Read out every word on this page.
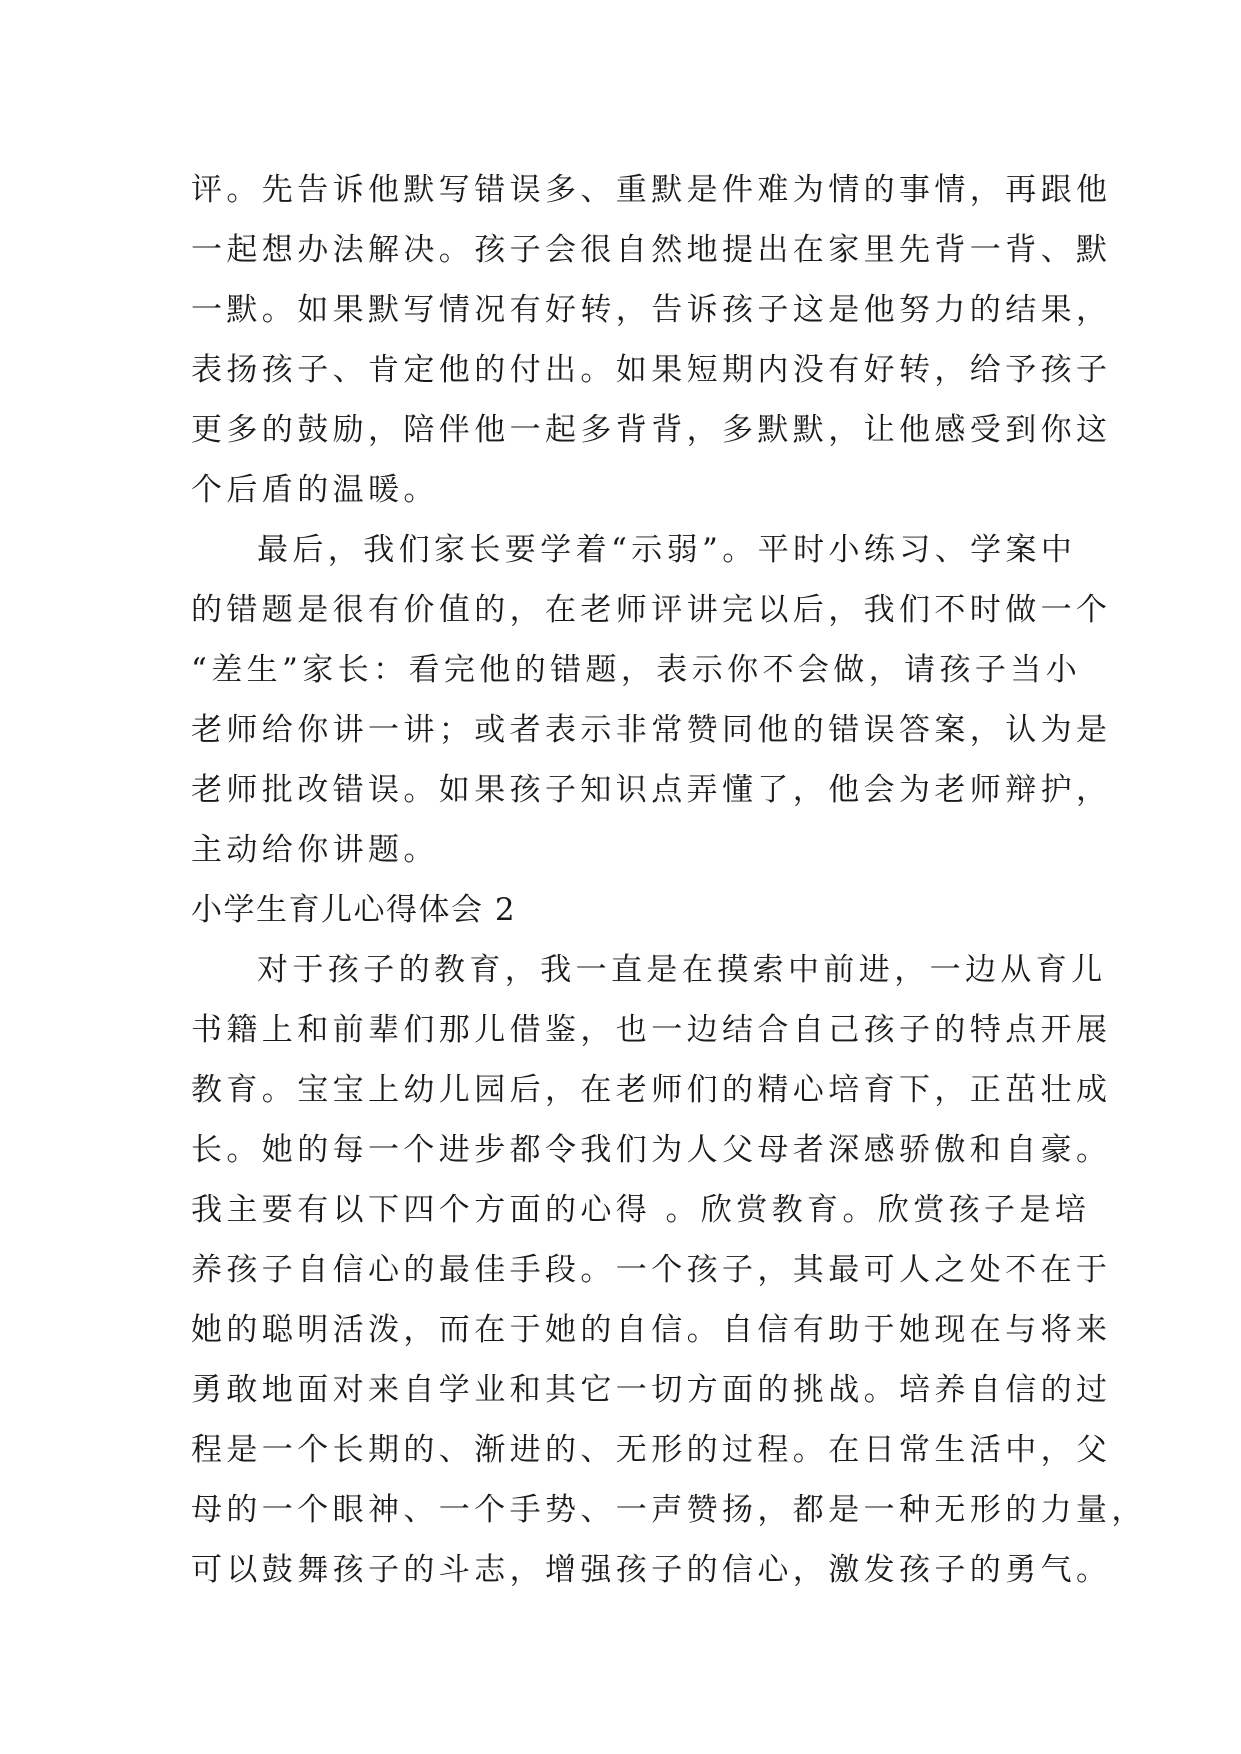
评。先告诉他默写错误多、重默是件难为情的事情，再跟他
一起想办法解决。孩子会很自然地提出在家里先背一背、默
一默。如果默写情况有好转，告诉孩子这是他努力的结果，
表扬孩子、肯定他的付出。如果短期内没有好转，给予孩子
更多的鼓励，陪伴他一起多背背，多默默，让他感受到你这
个后盾的温暖。
最后，我们家长要学着“示弱”。平时小练习、学案中
的错题是很有价值的，在老师评讲完以后，我们不时做一个
“差生”家长：看完他的错题，表示你不会做，请孩子当小
老师给你讲一讲；或者表示非常赞同他的错误答案，认为是
老师批改错误。如果孩子知识点弄懂了，他会为老师辩护，
主动给你讲题。
小学生育儿心得体会 2
对于孩子的教育，我一直是在摸索中前进，一边从育儿
书籍上和前辈们那儿借鉴，也一边结合自己孩子的特点开展
教育。宝宝上幼儿园后，在老师们的精心培育下，正茁壮成
长。她的每一个进步都令我们为人父母者深感骄傲和自豪。
我主要有以下四个方面的心得 。欣赏教育。欣赏孩子是培
养孩子自信心的最佳手段。一个孩子，其最可人之处不在于
她的聪明活泼，而在于她的自信。自信有助于她现在与将来
勇敢地面对来自学业和其它一切方面的挑战。培养自信的过
程是一个长期的、渐进的、无形的过程。在日常生活中，父
母的一个眼神、一个手势、一声赞扬，都是一种无形的力量，
可以鼓舞孩子的斗志，增强孩子的信心，激发孩子的勇气。
